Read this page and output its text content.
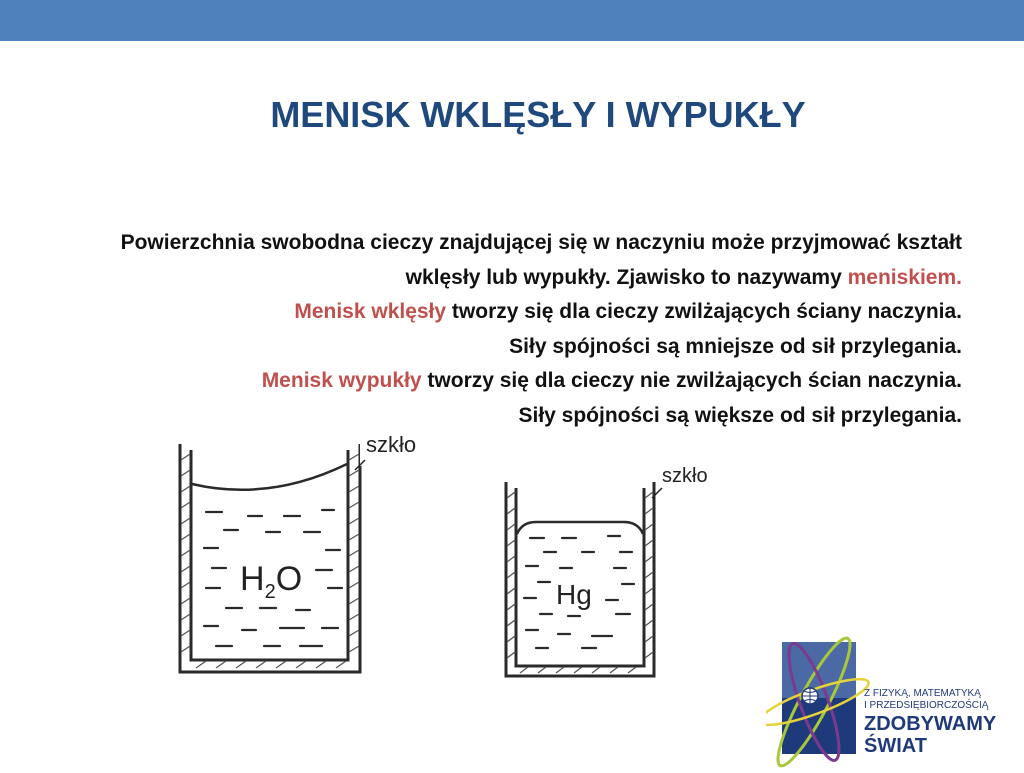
MENISK WKLĘSŁY I WYPUKŁY

Powierzchnia swobodna cieczy znajdującej się w naczyniu może przyjmować kształt wklęsły lub wypukły. Zjawisko to nazywamy meniskiem.

Menisk wklęsły tworzy się dla cieczy zwilżających ściany naczynia.

Siły spójności są mniejsze od sił przylegania.

Menisk wypukły tworzy się dla cieczy nie zwilżających ścian naczynia.

Siły spójności są większe od sił przylegania.

$H_2O$
szkło
Hg
szkło
Z FIZYKĄ, MATEMATYKĄ
I PRZEDSIĘBIORCZOŚCIĄ
ZDOBYWAMY
ŚWIAT
